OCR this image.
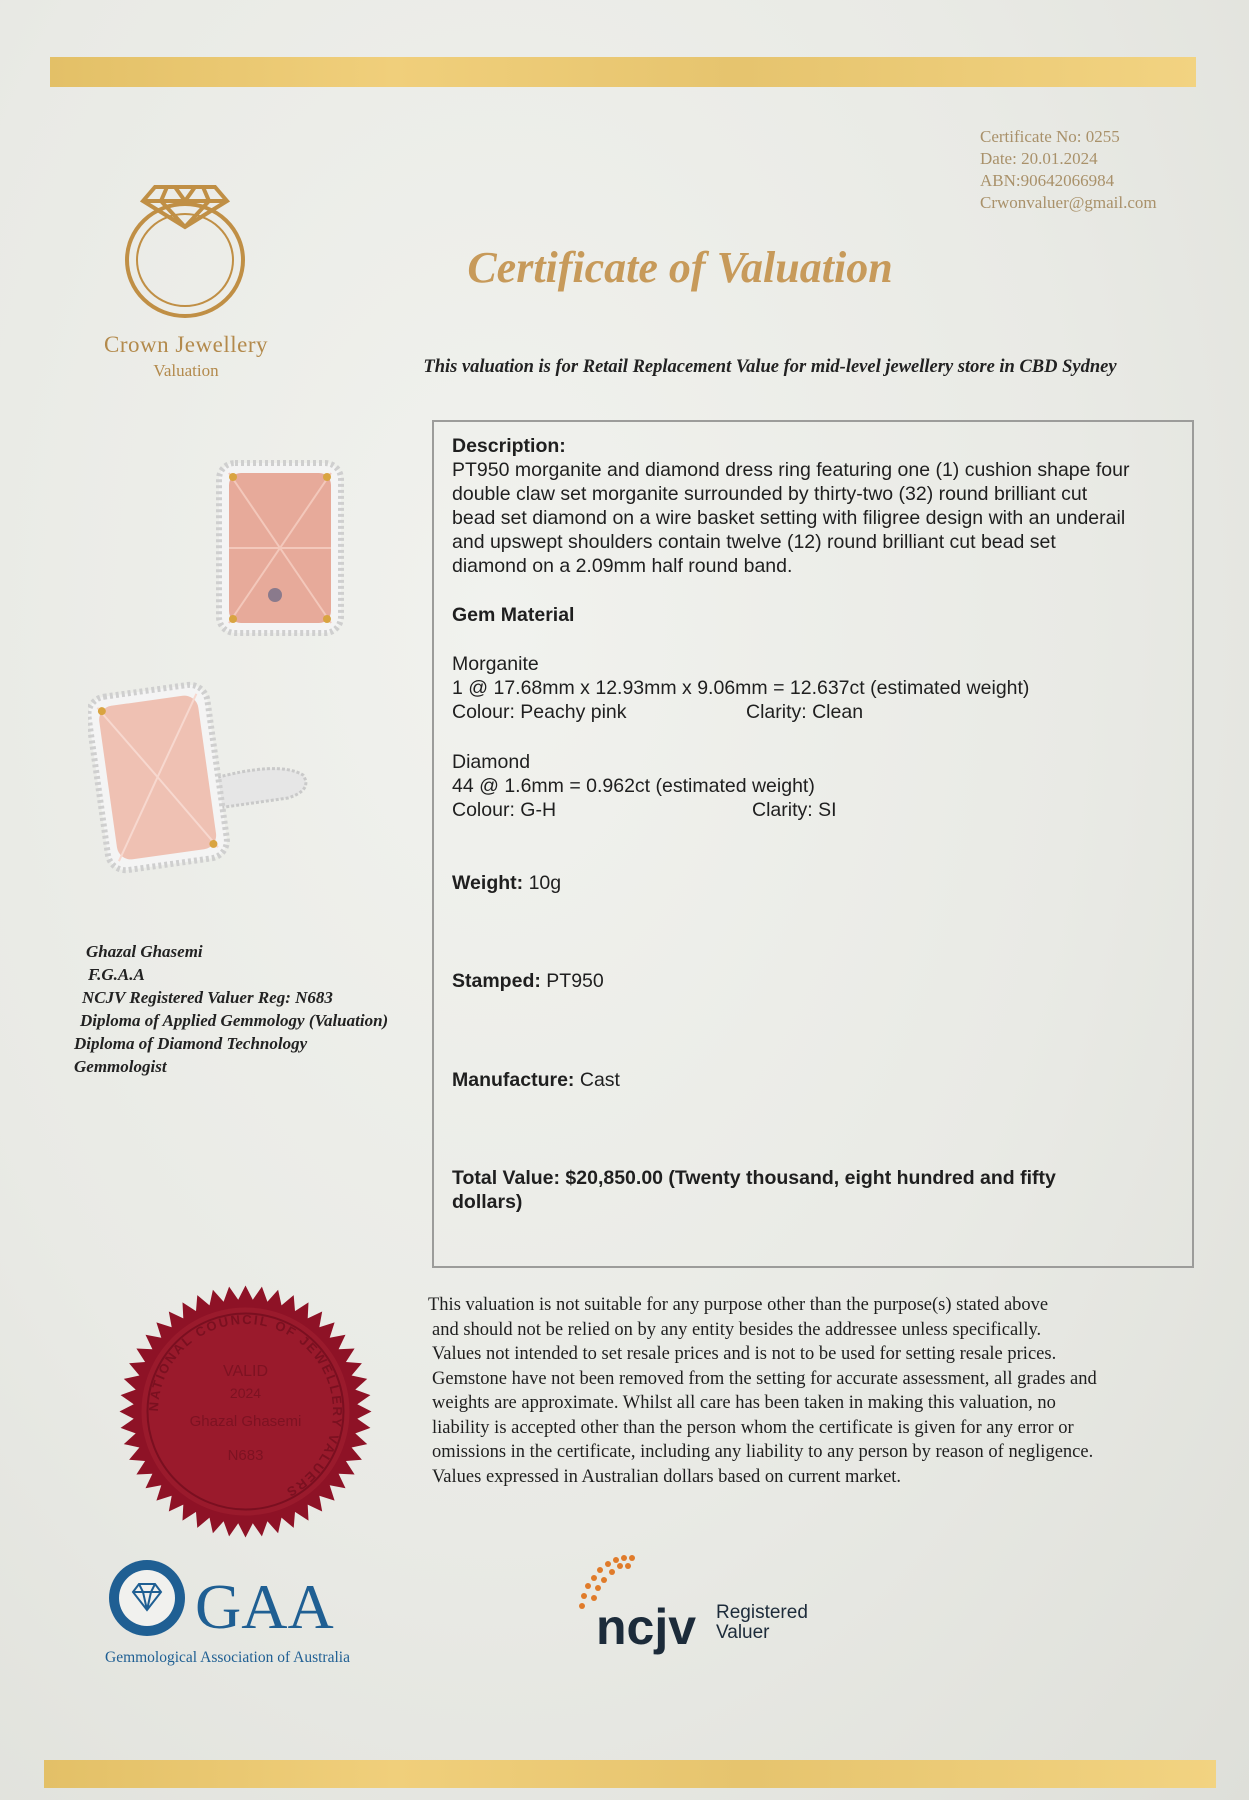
Certificate No: 0255
Date: 20.01.2024
ABN:90642066984
Crwonvaluer@gmail.com
Crown Jewellery
Valuation
Certificate of Valuation
This valuation is for Retail Replacement Value for mid-level jewellery store in CBD Sydney
Ghazal Ghasemi
F.G.A.A
NCJV Registered Valuer Reg: N683
Diploma of Applied Gemmology (Valuation)
Diploma of Diamond Technology
Gemmologist
Description:
PT950 morganite and diamond dress ring featuring one (1) cushion shape four
double claw set morganite surrounded by thirty-two (32) round brilliant cut
bead set diamond on a wire basket setting with filigree design with an underail
and upswept shoulders contain twelve (12) round brilliant cut bead set
diamond on a 2.09mm half round band.
Gem Material
Morganite
1 @ 17.68mm x 12.93mm x 9.06mm = 12.637ct (estimated weight)
Colour: Peachy pink	Clarity: Clean
Diamond
44 @ 1.6mm = 0.962ct (estimated weight)
Colour: G-H	Clarity: SI
Weight: 10g
Stamped: PT950
Manufacture: Cast
Total Value: $20,850.00 (Twenty thousand, eight hundred and fifty
dollars)
This valuation is not suitable for any purpose other than the purpose(s) stated above
and should not be relied on by any entity besides the addressee unless specifically.
Values not intended to set resale prices and is not to be used for setting resale prices.
Gemstone have not been removed from the setting for accurate assessment, all grades and
weights are approximate. Whilst all care has been taken in making this valuation, no
liability is accepted other than the person whom the certificate is given for any error or
omissions in the certificate, including any liability to any person by reason of negligence.
Values expressed in Australian dollars based on current market.
NATIONAL COUNCIL OF JEWELLERY VALUERS
VALID
2024
Ghazal Ghasemi
N683
GAA
Gemmological Association of Australia
ncjv Registered
Valuer
